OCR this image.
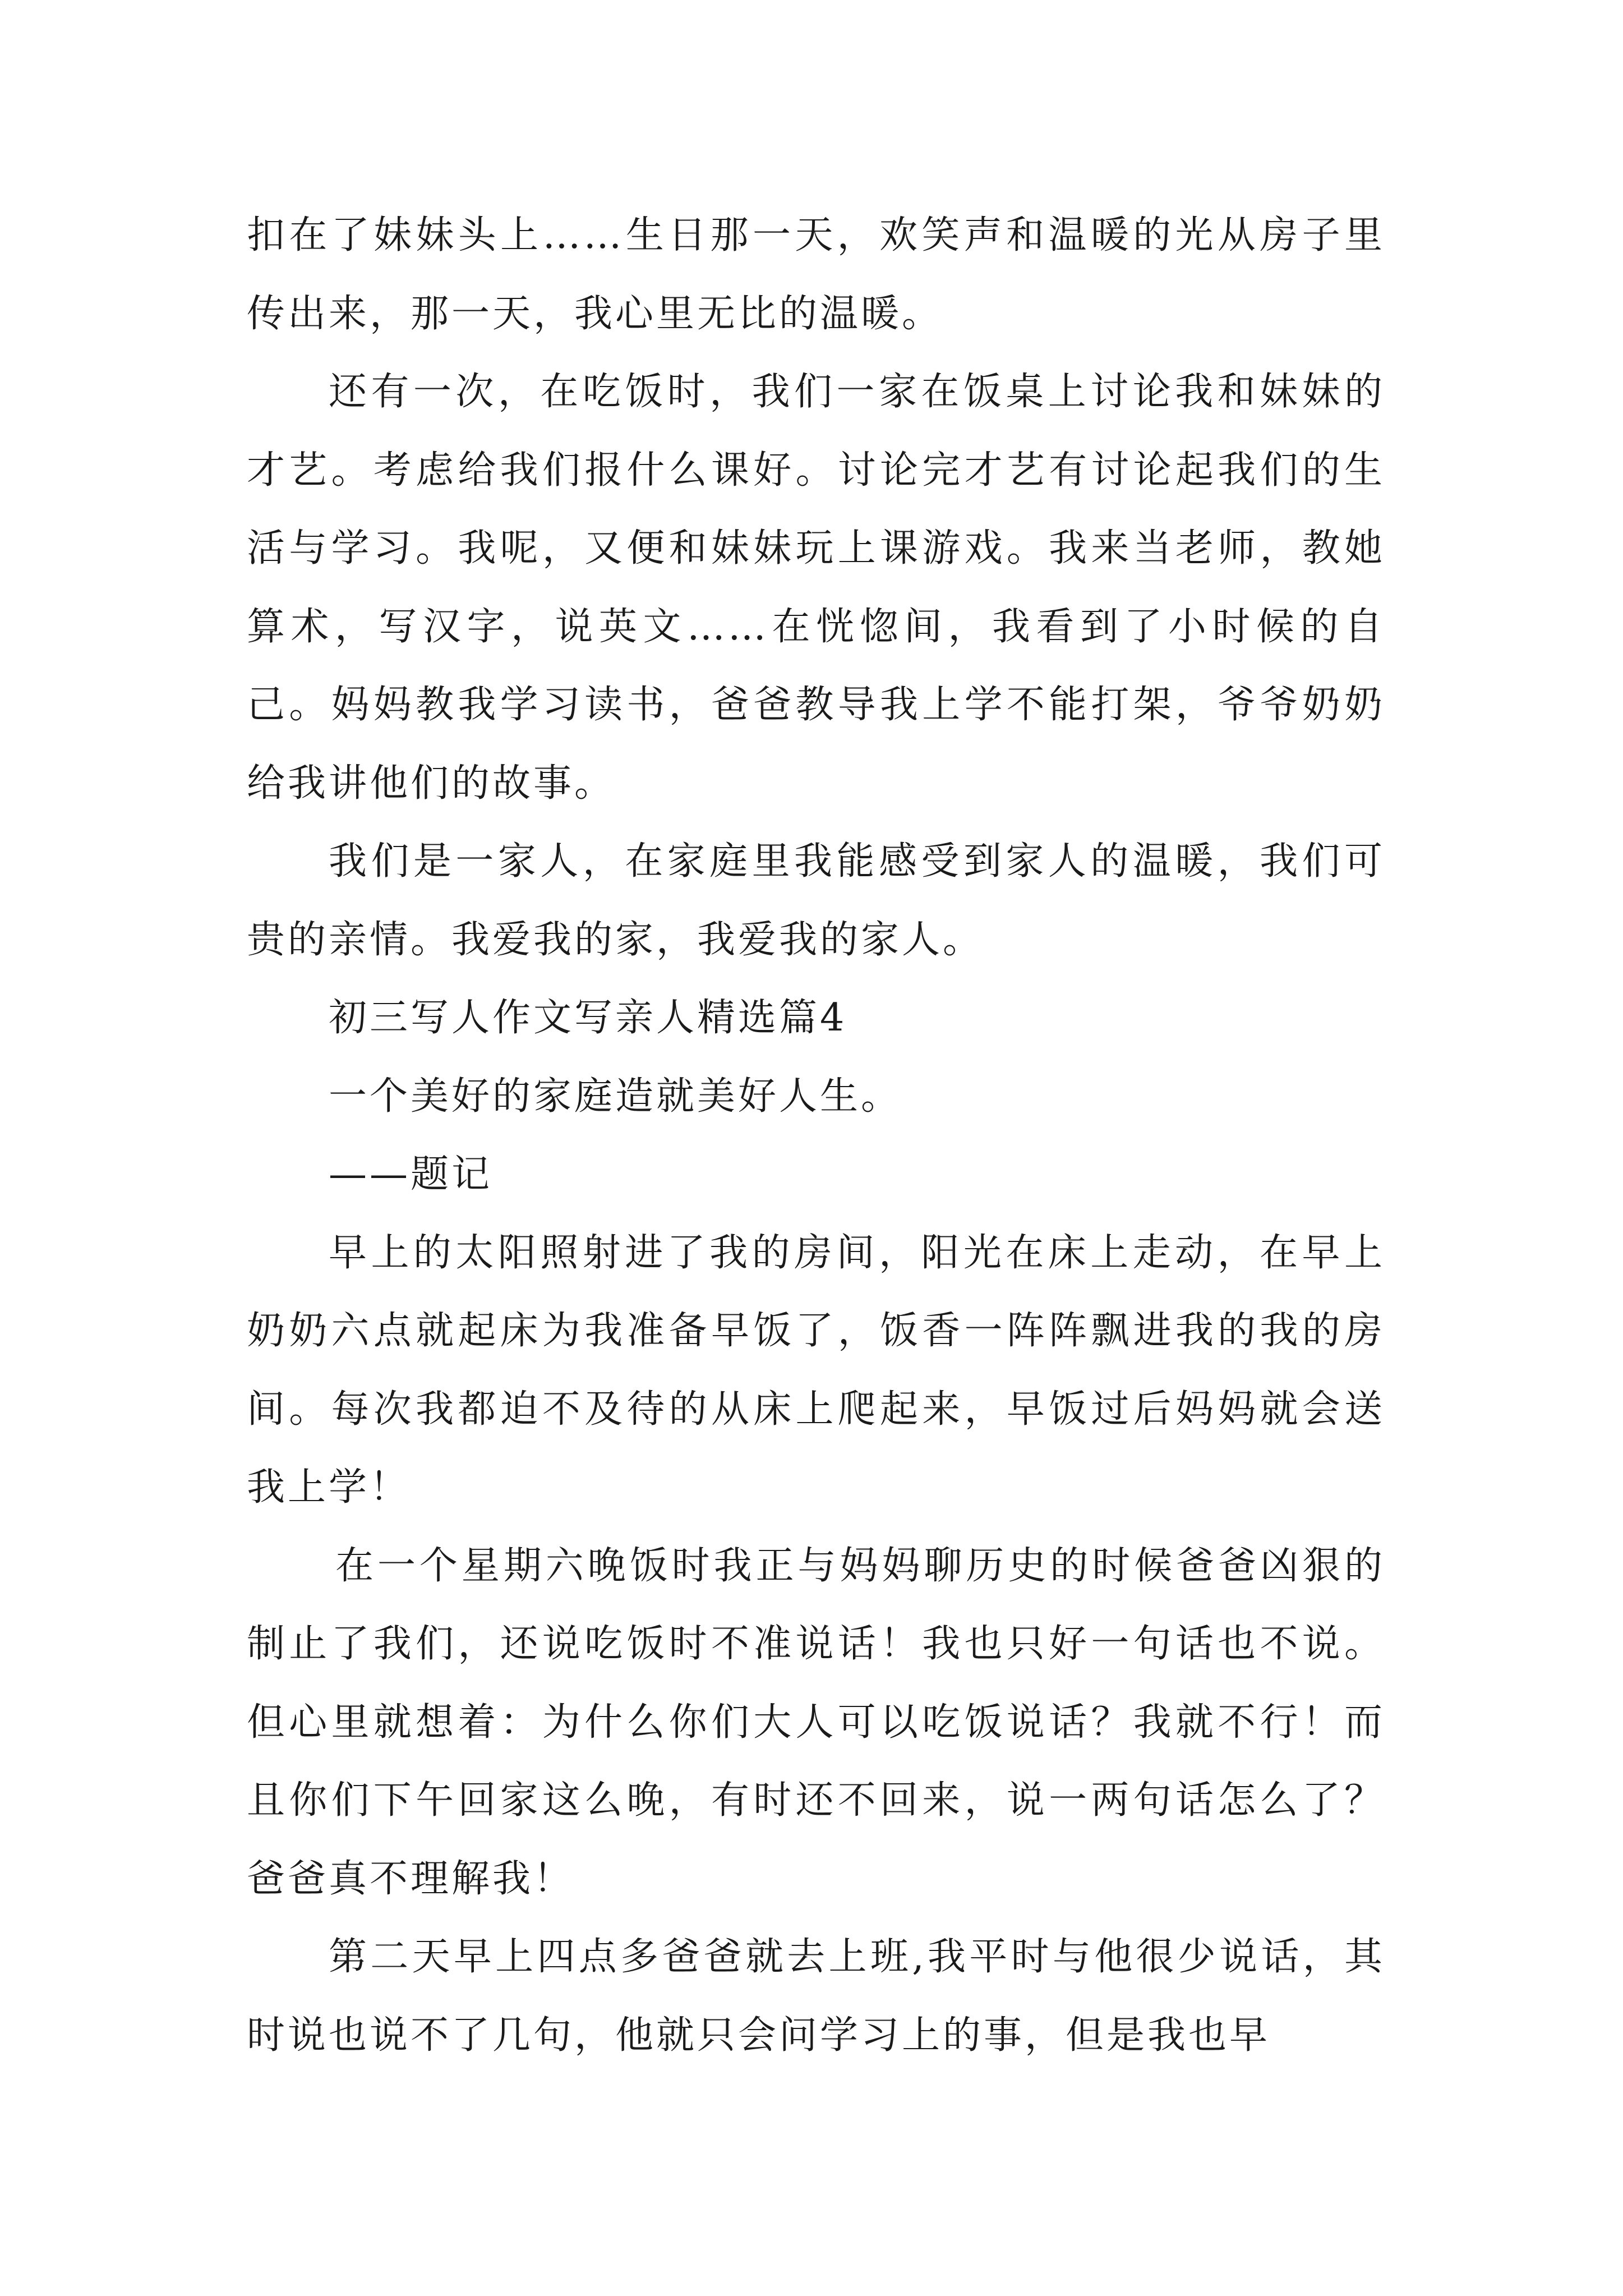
扣在了妹妹头上……生日那一天，欢笑声和温暖的光从房子里传出来，那一天，我心里无比的温暖。

还有一次，在吃饭时，我们一家在饭桌上讨论我和妹妹的才艺。考虑给我们报什么课好。讨论完才艺有讨论起我们的生活与学习。我呢，又便和妹妹玩上课游戏。我来当老师，教她算术，写汉字，说英文……在恍惚间，我看到了小时候的自己。妈妈教我学习读书，爸爸教导我上学不能打架，爷爷奶奶给我讲他们的故事。

我们是一家人，在家庭里我能感受到家人的温暖，我们可贵的亲情。我爱我的家，我爱我的家人。

初三写人作文写亲人精选篇4

一个美好的家庭造就美好人生。

——题记

早上的太阳照射进了我的房间，阳光在床上走动，在早上奶奶六点就起床为我准备早饭了，饭香一阵阵飘进我的我的房间。每次我都迫不及待的从床上爬起来，早饭过后妈妈就会送我上学！

在一个星期六晚饭时我正与妈妈聊历史的时候爸爸凶狠的制止了我们，还说吃饭时不准说话！我也只好一句话也不说。但心里就想着：为什么你们大人可以吃饭说话？我就不行！而且你们下午回家这么晚，有时还不回来，说一两句话怎么了？爸爸真不理解我！

第二天早上四点多爸爸就去上班,我平时与他很少说话，其时说也说不了几句，他就只会问学习上的事，但是我也早
